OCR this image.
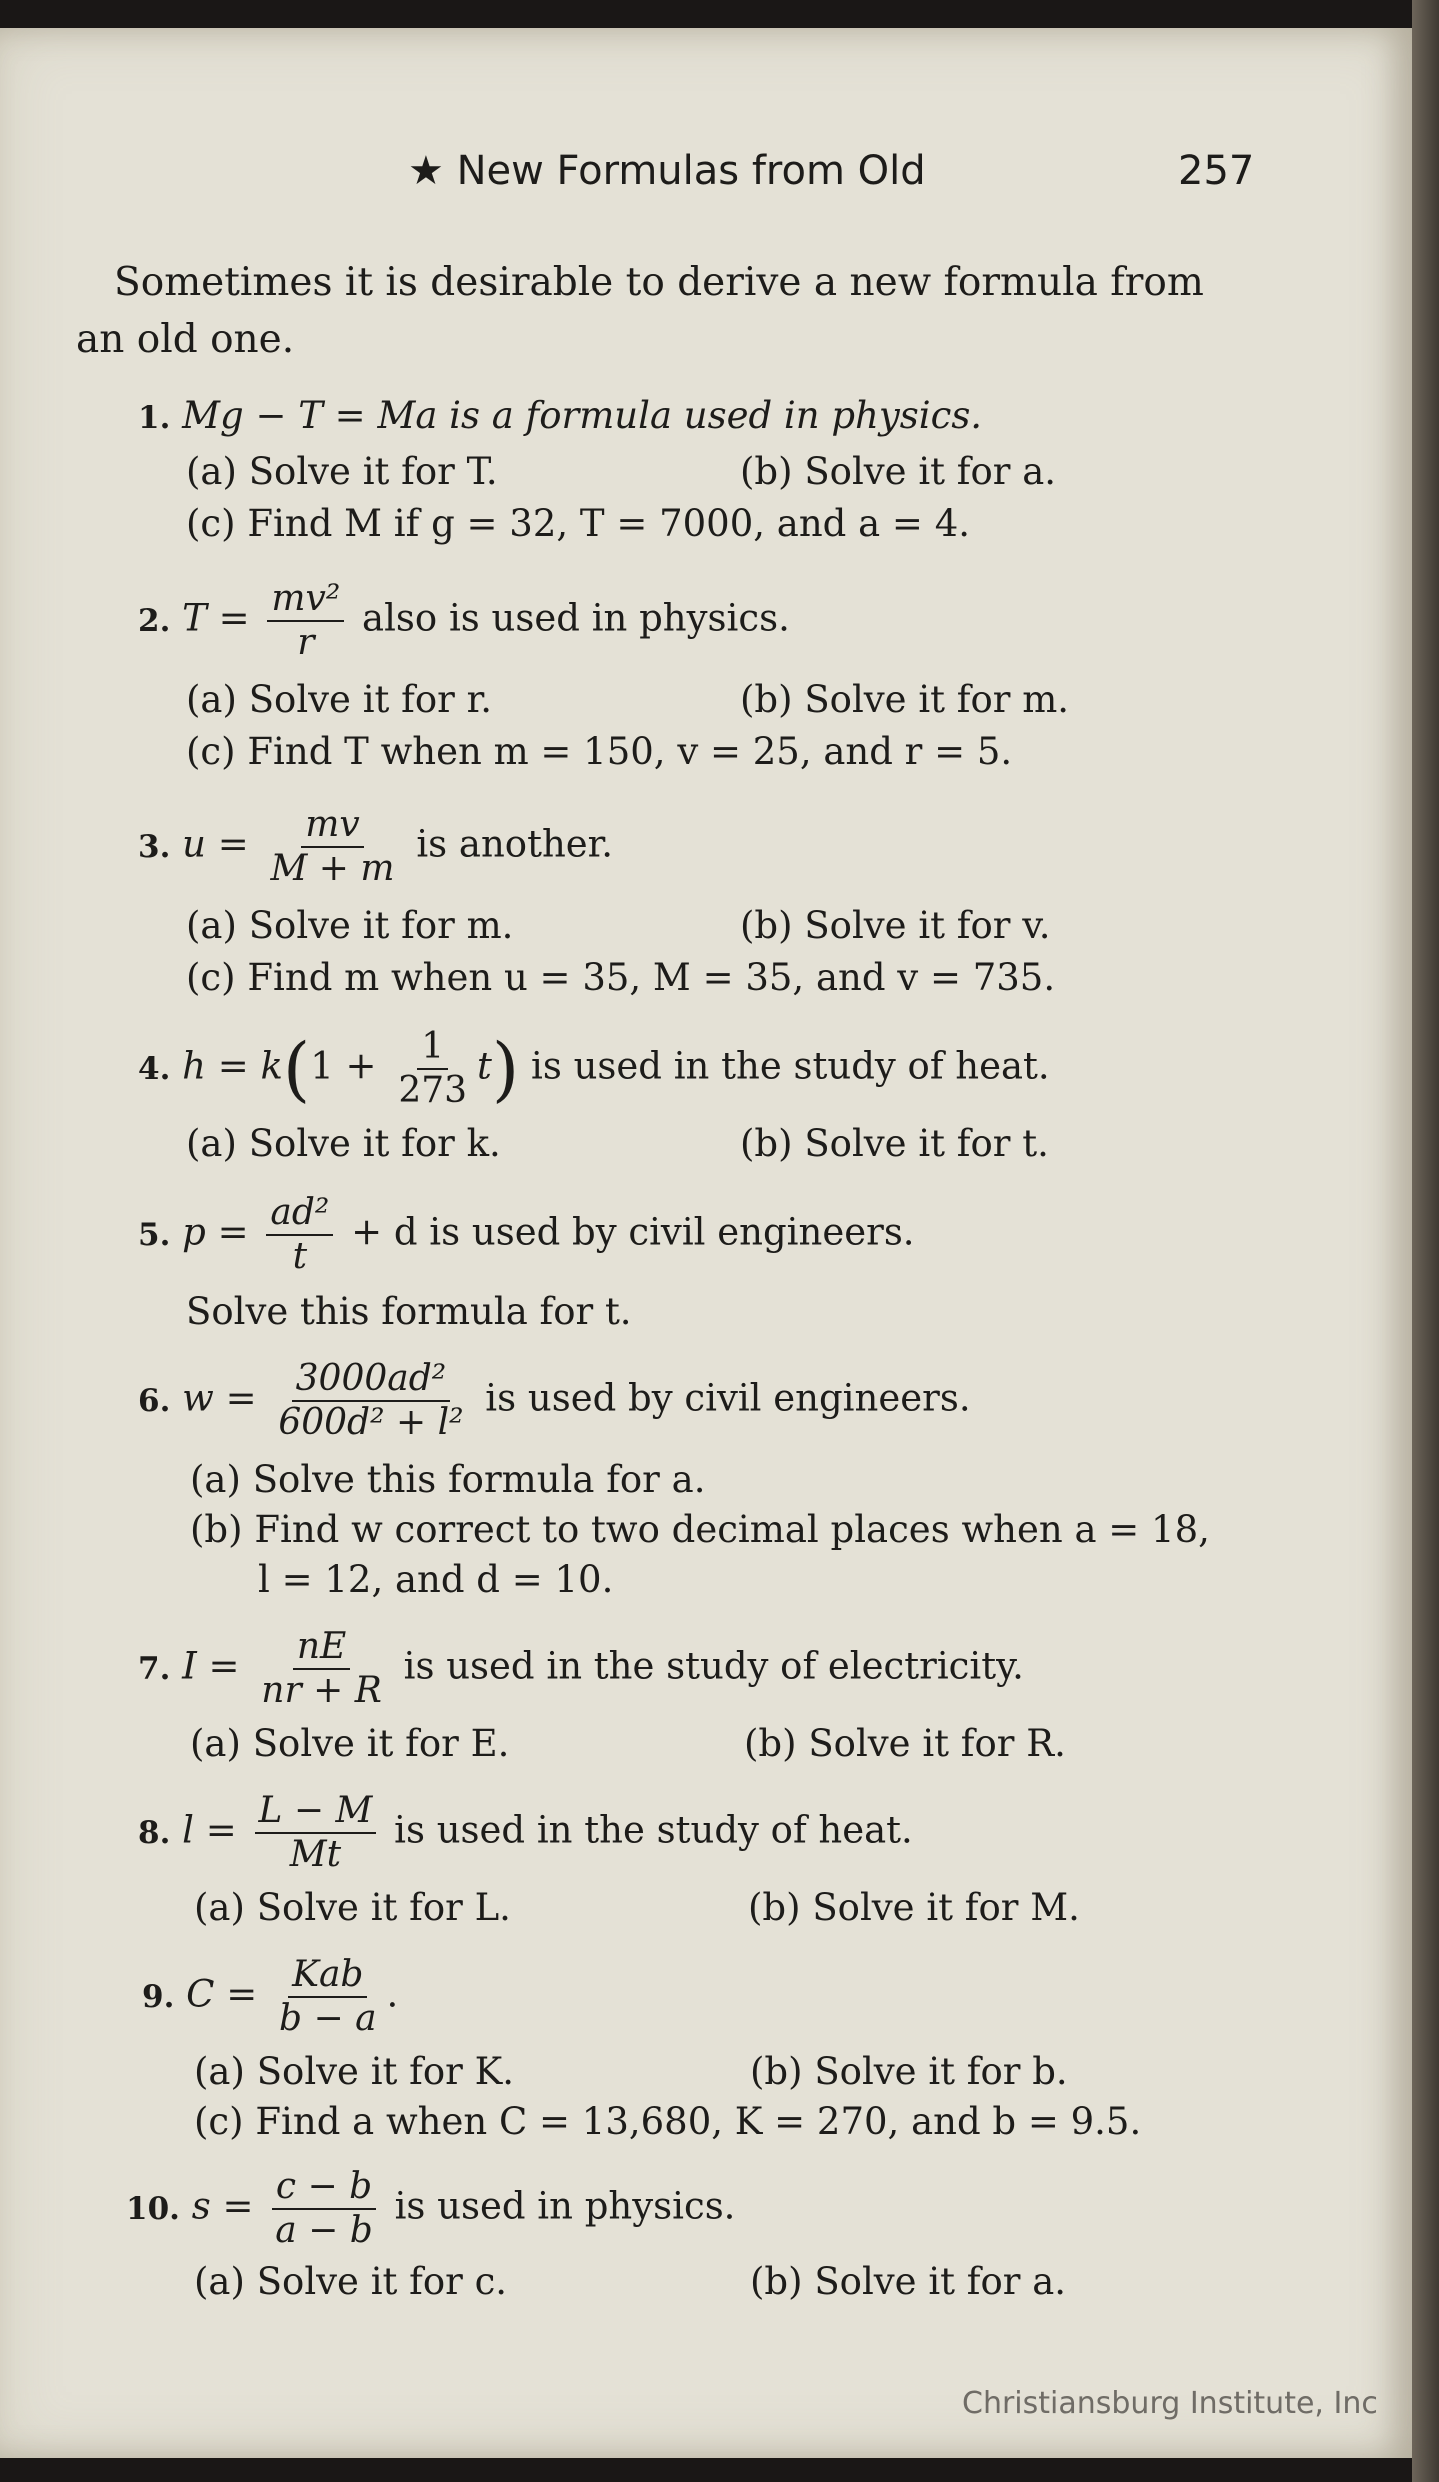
★ New Formulas from Old	257
Sometimes it is desirable to derive a new formula from
an old one.
1. Mg − T = Ma is a formula used in physics.
(a) Solve it for T.	(b) Solve it for a.
(c) Find M if g = 32, T = 7000, and a = 4.
2. $T = \frac{\text{mv²}}{r}$ also is used in physics.
(a) Solve it for r.	(b) Solve it for m.
(c) Find T when m = 150, v = 25, and r = 5.
3. $u = \frac{mv}{M + m}$ is another.
(a) Solve it for m.	(b) Solve it for v.
(c) Find m when u = 35, M = 35, and v = 735.
4. $h = k(1 + \frac{1}{273} t)$ is used in the study of heat.
(a) Solve it for k.	(b) Solve it for t.
5. $p = \frac{\text{ad²}}{t} + d$ is used by civil engineers.
Solve this formula for t.
6. $w = \frac{\text{3000ad²}}{\text{600d² + l²}}$ is used by civil engineers.
(a) Solve this formula for a.
(b) Find w correct to two decimal places when a = 18,
l = 12, and d = 10.
7. $I = \frac{nE}{nr + R}$ is used in the study of electricity.
(a) Solve it for E.	(b) Solve it for R.
8. $l = \frac{L - M}{Mt}$ is used in the study of heat.
(a) Solve it for L.	(b) Solve it for M.
9. $C = \frac{\text{Kab}}{b - a}$ .
(a) Solve it for K.	(b) Solve it for b.
(c) Find a when C = 13,680, K = 270, and b = 9.5.
10. $s = \frac{c - b}{a - b}$ is used in physics.
(a) Solve it for c.	(b) Solve it for a.
Christiansburg Institute, Inc
